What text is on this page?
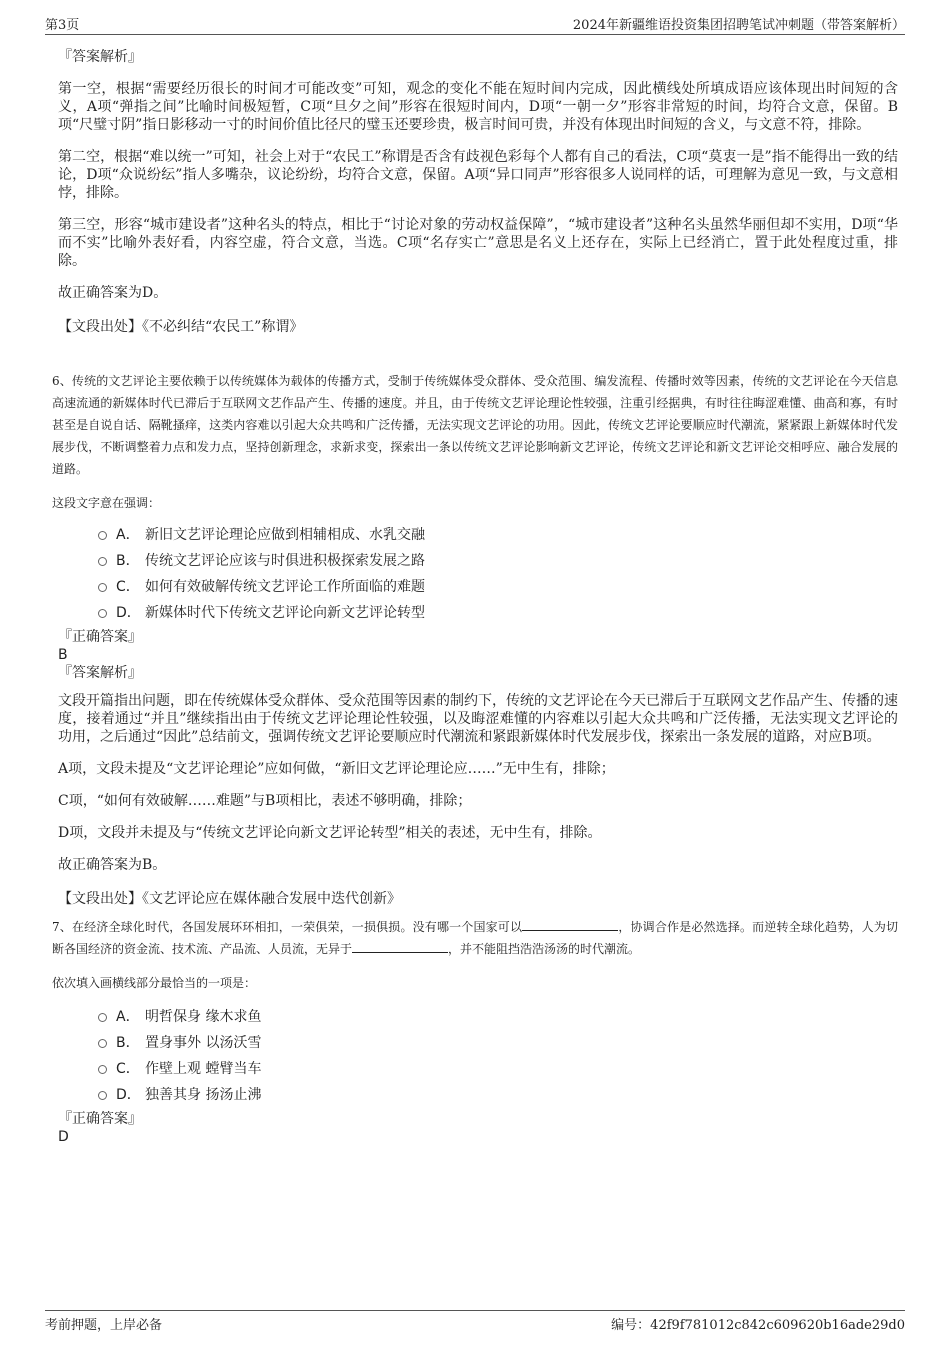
第3页	2024年新疆维语投资集团招聘笔试冲刺题（带答案解析）

『答案解析』

第一空，根据“需要经历很长的时间才可能改变”可知，观念的变化不能在短时间内完成，因此横线处所填成语应该体现出时间短的含义，A项“弹指之间”比喻时间极短暂，C项“旦夕之间”形容在很短时间内，D项“一朝一夕”形容非常短的时间，均符合文意，保留。B项“尺璧寸阴”指日影移动一寸的时间价值比径尺的璧玉还要珍贵，极言时间可贵，并没有体现出时间短的含义，与文意不符，排除。

第二空，根据“难以统一”可知，社会上对于“农民工”称谓是否含有歧视色彩每个人都有自己的看法，C项“莫衷一是”指不能得出一致的结论，D项“众说纷纭”指人多嘴杂，议论纷纷，均符合文意，保留。A项“异口同声”形容很多人说同样的话，可理解为意见一致，与文意相悖，排除。

第三空，形容“城市建设者”这种名头的特点，相比于“讨论对象的劳动权益保障”，“城市建设者”这种名头虽然华丽但却不实用，D项“华而不实”比喻外表好看，内容空虚，符合文意，当选。C项“名存实亡”意思是名义上还存在，实际上已经消亡，置于此处程度过重，排除。

故正确答案为D。

【文段出处】《不必纠结“农民工”称谓》

6、传统的文艺评论主要依赖于以传统媒体为载体的传播方式，受制于传统媒体受众群体、受众范围、编发流程、传播时效等因素，传统的文艺评论在今天信息高速流通的新媒体时代已滞后于互联网文艺作品产生、传播的速度。并且，由于传统文艺评论理论性较强，注重引经据典，有时往往晦涩难懂、曲高和寡，有时甚至是自说自话、隔靴搔痒，这类内容难以引起大众共鸣和广泛传播，无法实现文艺评论的功用。因此，传统文艺评论要顺应时代潮流，紧紧跟上新媒体时代发展步伐，不断调整着力点和发力点，坚持创新理念，求新求变，探索出一条以传统文艺评论影响新文艺评论，传统文艺评论和新文艺评论交相呼应、融合发展的道路。

这段文字意在强调：

A． 新旧文艺评论理论应做到相辅相成、水乳交融
B． 传统文艺评论应该与时俱进积极探索发展之路
C． 如何有效破解传统文艺评论工作所面临的难题
D． 新媒体时代下传统文艺评论向新文艺评论转型

『正确答案』

B

『答案解析』

文段开篇指出问题，即在传统媒体受众群体、受众范围等因素的制约下，传统的文艺评论在今天已滞后于互联网文艺作品产生、传播的速度，接着通过“并且”继续指出由于传统文艺评论理论性较强，以及晦涩难懂的内容难以引起大众共鸣和广泛传播，无法实现文艺评论的功用，之后通过“因此”总结前文，强调传统文艺评论要顺应时代潮流和紧跟新媒体时代发展步伐，探索出一条发展的道路，对应B项。

A项，文段未提及“文艺评论理论”应如何做，“新旧文艺评论理论应……”无中生有，排除；

C项，“如何有效破解……难题”与B项相比，表述不够明确，排除；

D项，文段并未提及与“传统文艺评论向新文艺评论转型”相关的表述，无中生有，排除。

故正确答案为B。

【文段出处】《文艺评论应在媒体融合发展中迭代创新》

7、在经济全球化时代，各国发展环环相扣，一荣俱荣，一损俱损。没有哪一个国家可以	，协调合作是必然选择。而逆转全球化趋势，人为切断各国经济的资金流、技术流、产品流、人员流，无异于	，并不能阻挡浩浩汤汤的时代潮流。

依次填入画横线部分最恰当的一项是：

A． 明哲保身 缘木求鱼
B． 置身事外 以汤沃雪
C． 作壁上观 螳臂当车
D． 独善其身 扬汤止沸

『正确答案』

D

考前押题，上岸必备	编号：42f9f781012c842c609620b16ade29d0
